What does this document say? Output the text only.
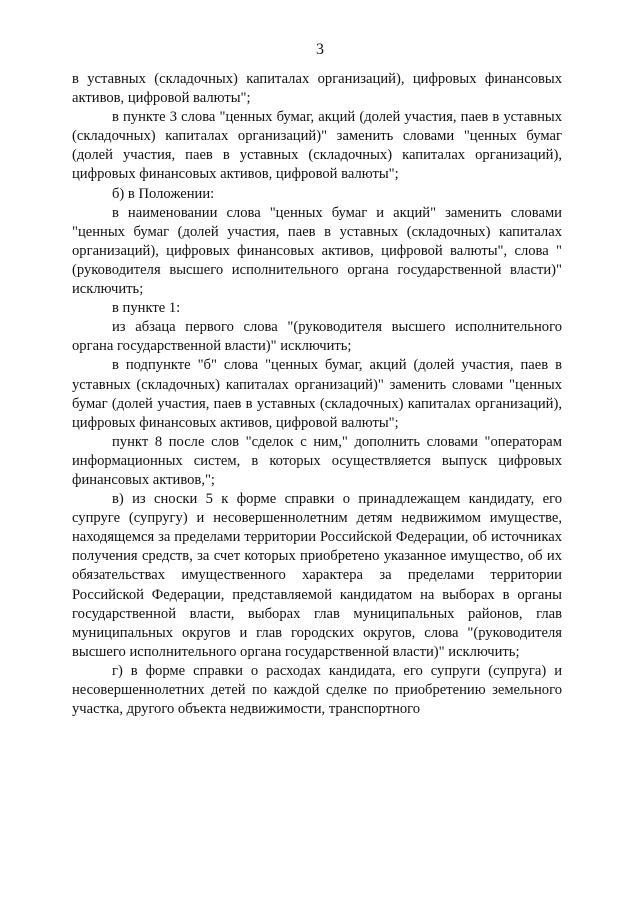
3

в уставных (складочных) капиталах организаций), цифровых финансовых активов, цифровой валюты";

в пункте 3 слова "ценных бумаг, акций (долей участия, паев в уставных (складочных) капиталах организаций)" заменить словами "ценных бумаг (долей участия, паев в уставных (складочных) капиталах организаций), цифровых финансовых активов, цифровой валюты";

б) в Положении:

в наименовании слова "ценных бумаг и акций" заменить словами "ценных бумаг (долей участия, паев в уставных (складочных) капиталах организаций), цифровых финансовых активов, цифровой валюты", слова "(руководителя высшего исполнительного органа государственной власти)" исключить;

в пункте 1:

из абзаца первого слова "(руководителя высшего исполнительного органа государственной власти)" исключить;

в подпункте "б" слова "ценных бумаг, акций (долей участия, паев в уставных (складочных) капиталах организаций)" заменить словами "ценных бумаг (долей участия, паев в уставных (складочных) капиталах организаций), цифровых финансовых активов, цифровой валюты";

пункт 8 после слов "сделок с ним," дополнить словами "операторам информационных систем, в которых осуществляется выпуск цифровых финансовых активов,";

в) из сноски 5 к форме справки о принадлежащем кандидату, его супруге (супругу) и несовершеннолетним детям недвижимом имуществе, находящемся за пределами территории Российской Федерации, об источниках получения средств, за счет которых приобретено указанное имущество, об их обязательствах имущественного характера за пределами территории Российской Федерации, представляемой кандидатом на выборах в органы государственной власти, выборах глав муниципальных районов, глав муниципальных округов и глав городских округов, слова "(руководителя высшего исполнительного органа государственной власти)" исключить;

г) в форме справки о расходах кандидата, его супруги (супруга) и несовершеннолетних детей по каждой сделке по приобретению земельного участка, другого объекта недвижимости, транспортного
